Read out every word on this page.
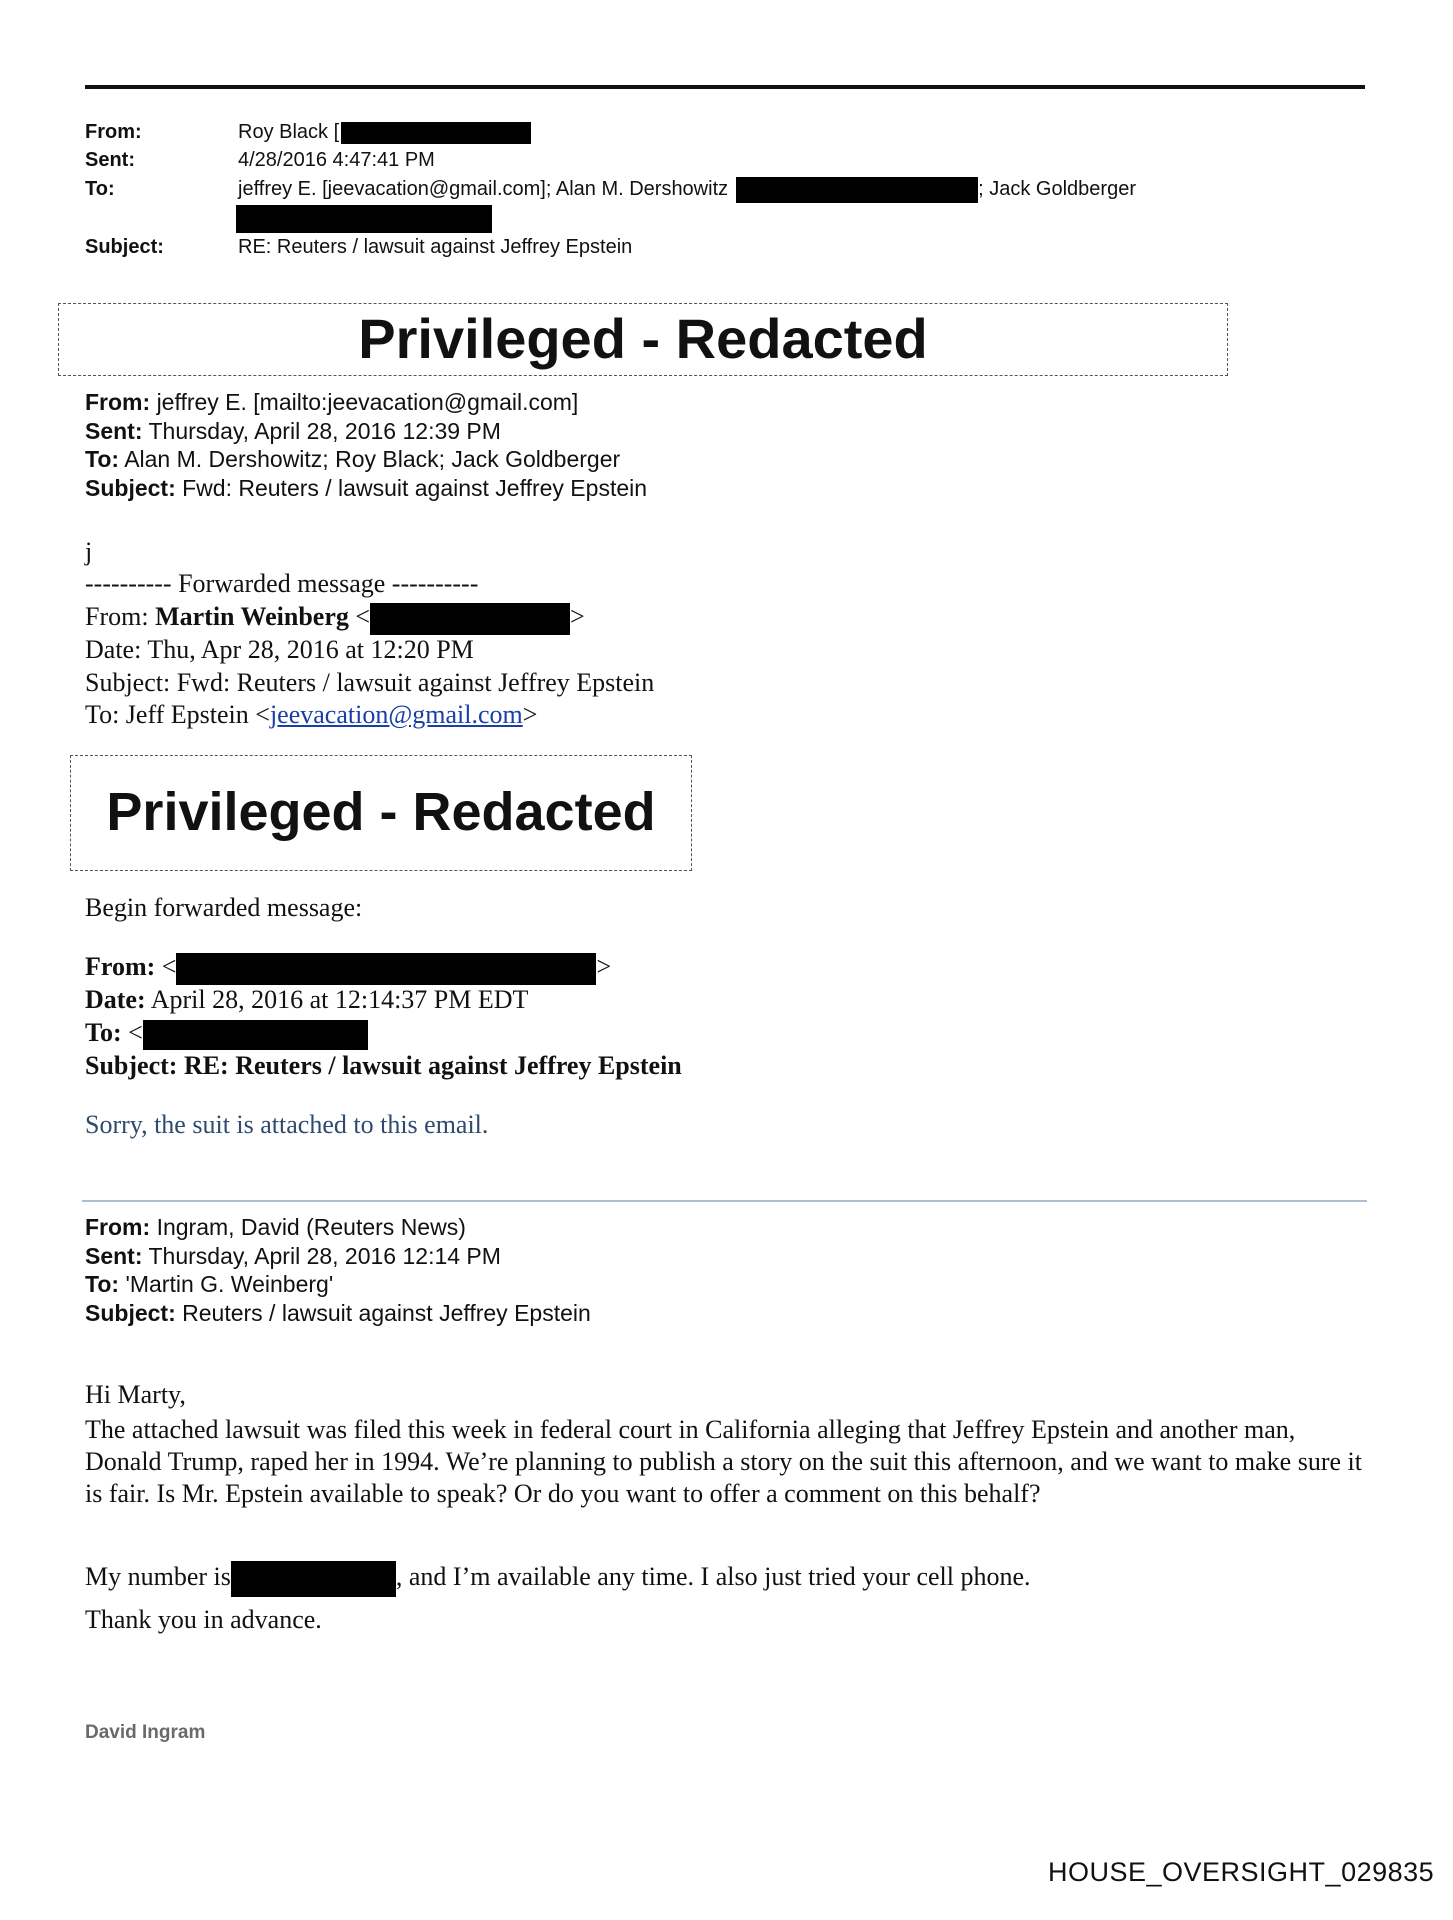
From:	Roy Black [
Sent:	4/28/2016 4:47:41 PM
To:	jeffrey E. [jeevacation@gmail.com]; Alan M. Dershowitz	; Jack Goldberger
Subject:	RE: Reuters / lawsuit against Jeffrey Epstein
Privileged - Redacted
From: jeffrey E. [mailto:jeevacation@gmail.com]
Sent: Thursday, April 28, 2016 12:39 PM
To: Alan M. Dershowitz; Roy Black; Jack Goldberger
Subject: Fwd: Reuters / lawsuit against Jeffrey Epstein
j
---------- Forwarded message ----------
From: Martin Weinberg <	>
Date: Thu, Apr 28, 2016 at 12:20 PM
Subject: Fwd: Reuters / lawsuit against Jeffrey Epstein
To: Jeff Epstein <jeevacation@gmail.com>
Privileged - Redacted
Begin forwarded message:
From: <	>
Date: April 28, 2016 at 12:14:37 PM EDT
To: <
Subject: RE: Reuters / lawsuit against Jeffrey Epstein
Sorry, the suit is attached to this email.
From: Ingram, David (Reuters News)
Sent: Thursday, April 28, 2016 12:14 PM
To: 'Martin G. Weinberg'
Subject: Reuters / lawsuit against Jeffrey Epstein
Hi Marty,
The attached lawsuit was filed this week in federal court in California alleging that Jeffrey Epstein and another man, Donald Trump, raped her in 1994. We’re planning to publish a story on the suit this afternoon, and we want to make sure it is fair. Is Mr. Epstein available to speak? Or do you want to offer a comment on this behalf?
My number is	, and I’m available any time. I also just tried your cell phone.
Thank you in advance.
David Ingram
HOUSE_OVERSIGHT_029835
